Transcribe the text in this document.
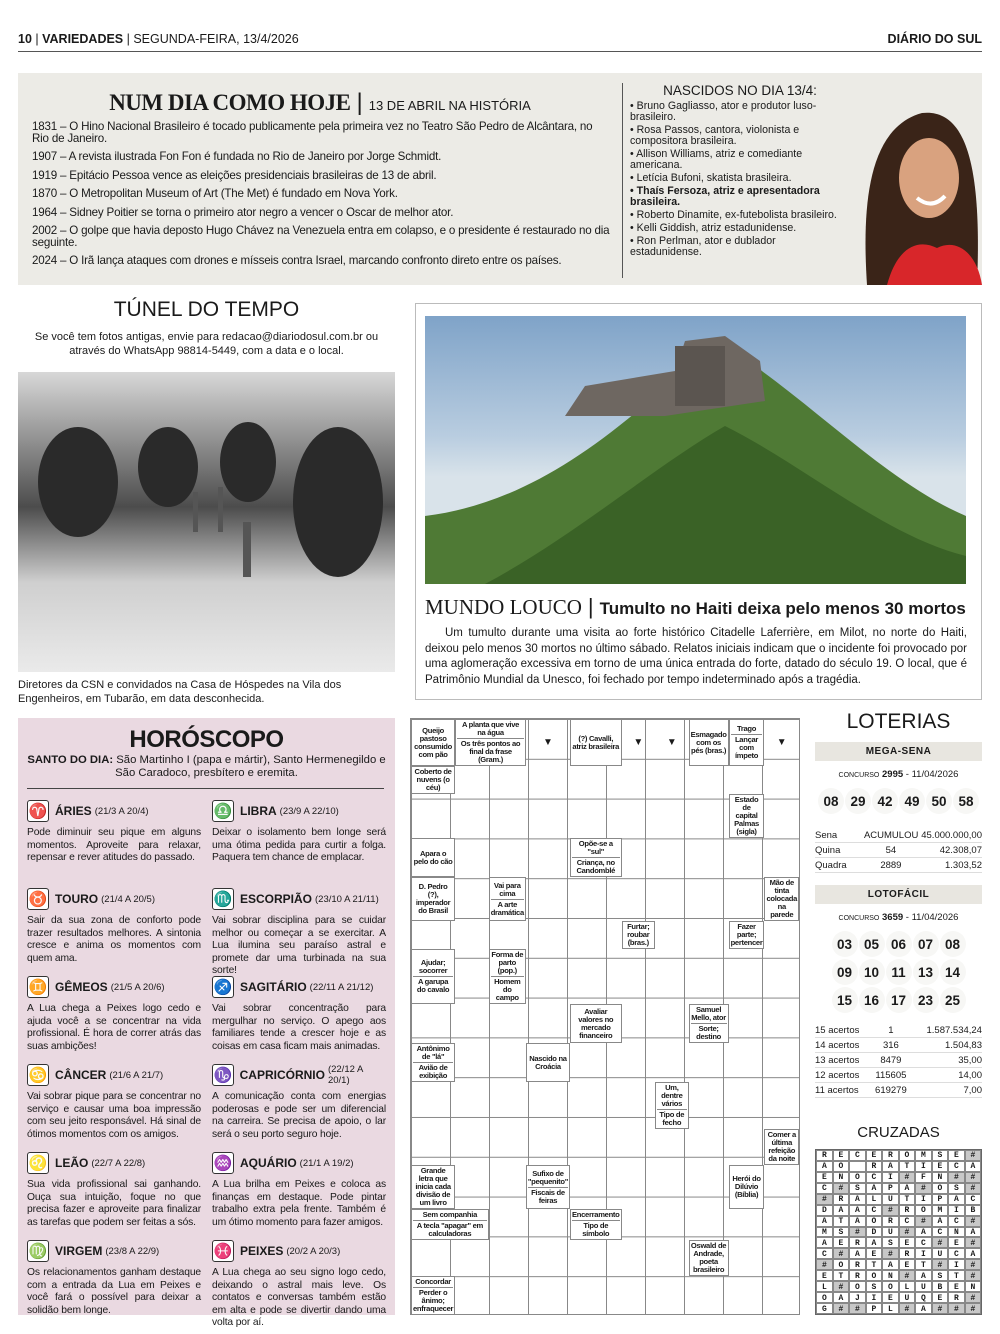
10 | VARIEDADES | SEGUNDA-FEIRA, 13/4/2026	DIÁRIO DO SUL
NUM DIA COMO HOJE | 13 DE ABRIL NA HISTÓRIA

1831 – O Hino Nacional Brasileiro é tocado publicamente pela primeira vez no Teatro São Pedro de Alcântara, no Rio de Janeiro.

1907 – A revista ilustrada Fon Fon é fundada no Rio de Janeiro por Jorge Schmidt.

1919 – Epitácio Pessoa vence as eleições presidenciais brasileiras de 13 de abril.

1870 – O Metropolitan Museum of Art (The Met) é fundado em Nova York.

1964 – Sidney Poitier se torna o primeiro ator negro a vencer o Oscar de melhor ator.

2002 – O golpe que havia deposto Hugo Chávez na Venezuela entra em colapso, e o presidente é restaurado no dia seguinte.

2024 – O Irã lança ataques com drones e mísseis contra Israel, marcando confronto direto entre os países.

NASCIDOS NO DIA 13/4:

• Bruno Gagliasso, ator e produtor luso-brasileiro.

• Rosa Passos, cantora, violonista e compositora brasileira.

• Allison Williams, atriz e comediante americana.

• Letícia Bufoni, skatista brasileira.

• Thaís Fersoza, atriz e apresentadora brasileira.

• Roberto Dinamite, ex-futebolista brasileiro.

• Kelli Giddish, atriz estadunidense.

• Ron Perlman, ator e dublador estadunidense.

TÚNEL DO TEMPO
Se você tem fotos antigas, envie para redacao@diariodosul.com.br ou através do WhatsApp 98814-5449, com a data e o local.
Diretores da CSN e convidados na Casa de Hóspedes na Vila dos Engenheiros, em Tubarão, em data desconhecida.
MUNDO LOUCO | Tumulto no Haiti deixa pelo menos 30 mortos

Um tumulto durante uma visita ao forte histórico Citadelle Laferrière, em Milot, no norte do Haiti, deixou pelo menos 30 mortos no último sábado. Relatos iniciais indicam que o incidente foi provocado por uma aglomeração excessiva em torno de uma única entrada do forte, datado do século 19. O local, que é Patrimônio Mundial da Unesco, foi fechado por tempo indeterminado após a tragédia.

HORÓSCOPO
SANTO DO DIA: São Martinho I (papa e mártir), Santo Hermenegildo e São Caradoco, presbítero e eremita.
♈ ÁRIES (21/3 A 20/4)

Pode diminuir seu pique em alguns momentos. Aproveite para relaxar, repensar e rever atitudes do passado.

♉ TOURO (21/4 A 20/5)

Sair da sua zona de conforto pode trazer resultados melhores. A sintonia cresce e anima os momentos com quem ama.

♊ GÊMEOS (21/5 A 20/6)

A Lua chega a Peixes logo cedo e ajuda você a se concentrar na vida profissional. É hora de correr atrás das suas ambições!

♋ CÂNCER (21/6 A 21/7)

Vai sobrar pique para se concentrar no serviço e causar uma boa impressão com seu jeito responsável. Há sinal de ótimos momentos com os amigos.

♌ LEÃO (22/7 A 22/8)

Sua vida profissional sai ganhando. Ouça sua intuição, foque no que precisa fazer e aproveite para finalizar as tarefas que podem ser feitas a sós.

♍ VIRGEM (23/8 A 22/9)

Os relacionamentos ganham destaque com a entrada da Lua em Peixes e você fará o possível para deixar a solidão bem longe.

♎ LIBRA (23/9 A 22/10)

Deixar o isolamento bem longe será uma ótima pedida para curtir a folga. Paquera tem chance de emplacar.

♏ ESCORPIÃO (23/10 A 21/11)

Vai sobrar disciplina para se cuidar melhor ou começar a se exercitar. A Lua ilumina seu paraíso astral e promete dar uma turbinada na sua sorte!

♐ SAGITÁRIO (22/11 A 21/12)

Vai sobrar concentração para mergulhar no serviço. O apego aos familiares tende a crescer hoje e as coisas em casa ficam mais animadas.

♑ CAPRICÓRNIO (22/12 A 20/1)

A comunicação conta com energias poderosas e pode ser um diferencial na carreira. Se precisa de apoio, o lar será o seu porto seguro hoje.

♒ AQUÁRIO (21/1 A 19/2)

A Lua brilha em Peixes e coloca as finanças em destaque. Pode pintar trabalho extra pela frente. Também é um ótimo momento para fazer amigos.

♓ PEIXES (20/2 A 20/3)

A Lua chega ao seu signo logo cedo, deixando o astral mais leve. Os contatos e conversas também estão em alta e pode se divertir dando uma volta por aí.

Queijo pastoso consumido com pão
A planta que vive na água
Os três pontos ao final da frase (Gram.)
▼	(?) Cavalli, atriz brasileira	▼	▼
Esmagado com os pés (bras.)
Trago
Lançar com ímpeto
▼
Coberto de nuvens (o céu)
Estado de capital Palmas (sigla)
Apara o pelo do cão
Opõe-se a "sul"
Criança, no Candomblé
D. Pedro (?), imperador do Brasil
Vai para cima
A arte dramática
Mão de tinta colocada na parede
Furtar; roubar (bras.)
Fazer parte; pertencer
Ajudar; socorrer
A garupa do cavalo
Forma de parto (pop.)
Homem do campo
Avaliar valores no mercado financeiro
Samuel Mello, ator
Sorte; destino
Antônimo de "lá"
Avião de exibição
Nascido na Croácia
Um, dentre vários
Tipo de fecho
Comer a última refeição da noite
Grande letra que inicia cada divisão de um livro
Sufixo de "pequenito"
Fiscais de feiras
Herói do Dilúvio (Bíblia)
Sem companhia
A tecla "apagar" em calculadoras
Encerramento
Tipo de símbolo
Oswald de Andrade, poeta brasileiro
Concordar
Perder o ânimo; enfraquecer
LOTERIAS
MEGA-SENA
CONCURSO 2995 - 11/04/2026
08 29 42 49 50 58
Sena	ACUMULOU 45.000.000,00
Quina	54	42.308,07
Quadra	2889	1.303,52
LOTOFÁCIL
CONCURSO 3659 - 11/04/2026
03 05 06 07 08
09 10 11 13 14
15 16 17 23 25
15 acertos	1	1.587.534,24
14 acertos	316	1.504,83
13 acertos	8479	35,00
12 acertos	115605	14,00
11 acertos	619279	7,00
CRUZADAS
RECEROMSE#
AO RATIECA
ENOCI#FN##
C#SAPA#OS#
#RALUTIPAC
DAAC#ROMIB
ATAORC#AC#
MS#DU#ACNA
AERASEC#E#
C#AE#RIUCA
#ORTAET#I#
ETRON#AST#
L#OSOLUBEN
OAJIEUQER#
G##PL#A###
